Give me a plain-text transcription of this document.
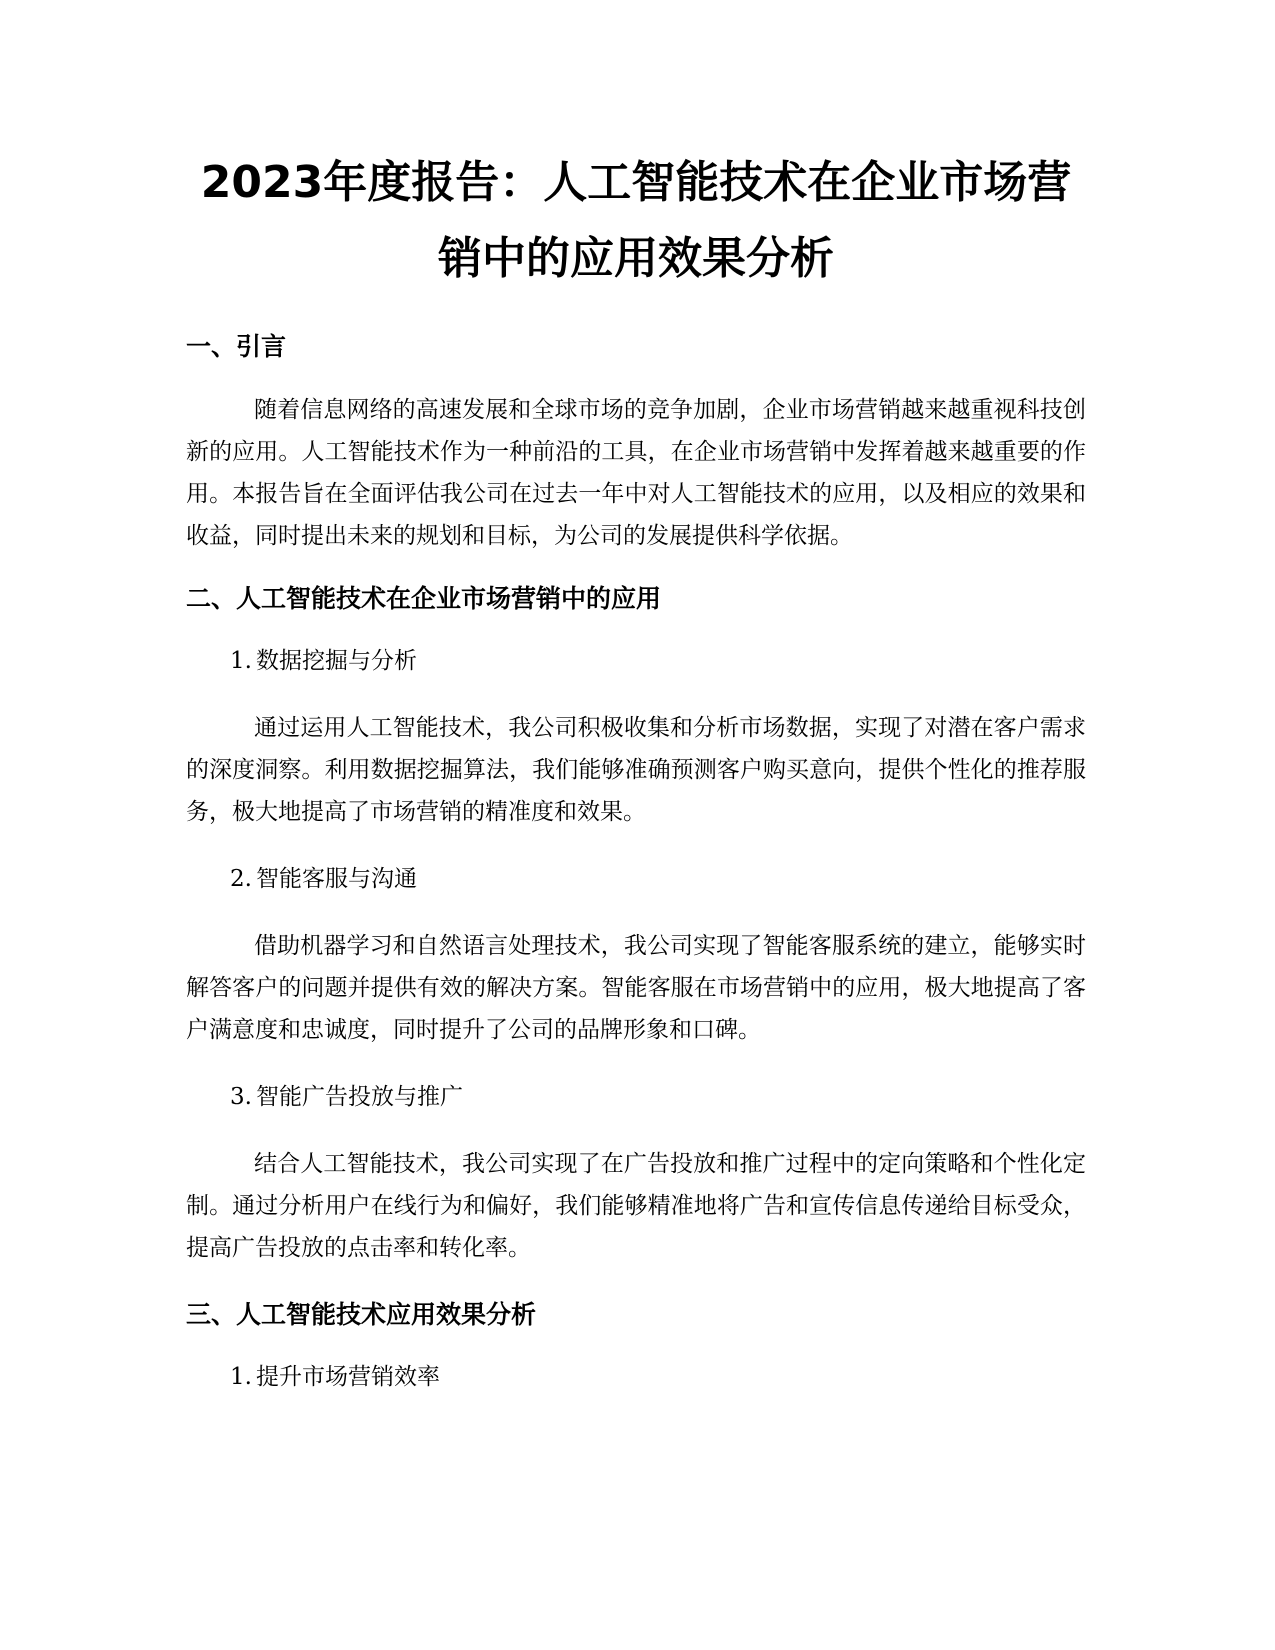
2023年度报告：人工智能技术在企业市场营销中的应用效果分析
一、引言

随着信息网络的高速发展和全球市场的竞争加剧，企业市场营销越来越重视科技创新的应用。人工智能技术作为一种前沿的工具，在企业市场营销中发挥着越来越重要的作用。本报告旨在全面评估我公司在过去一年中对人工智能技术的应用，以及相应的效果和收益，同时提出未来的规划和目标，为公司的发展提供科学依据。

二、人工智能技术在企业市场营销中的应用

1. 数据挖掘与分析

通过运用人工智能技术，我公司积极收集和分析市场数据，实现了对潜在客户需求的深度洞察。利用数据挖掘算法，我们能够准确预测客户购买意向，提供个性化的推荐服务，极大地提高了市场营销的精准度和效果。

2. 智能客服与沟通

借助机器学习和自然语言处理技术，我公司实现了智能客服系统的建立，能够实时解答客户的问题并提供有效的解决方案。智能客服在市场营销中的应用，极大地提高了客户满意度和忠诚度，同时提升了公司的品牌形象和口碑。

3. 智能广告投放与推广

结合人工智能技术，我公司实现了在广告投放和推广过程中的定向策略和个性化定制。通过分析用户在线行为和偏好，我们能够精准地将广告和宣传信息传递给目标受众，提高广告投放的点击率和转化率。

三、人工智能技术应用效果分析

1. 提升市场营销效率
